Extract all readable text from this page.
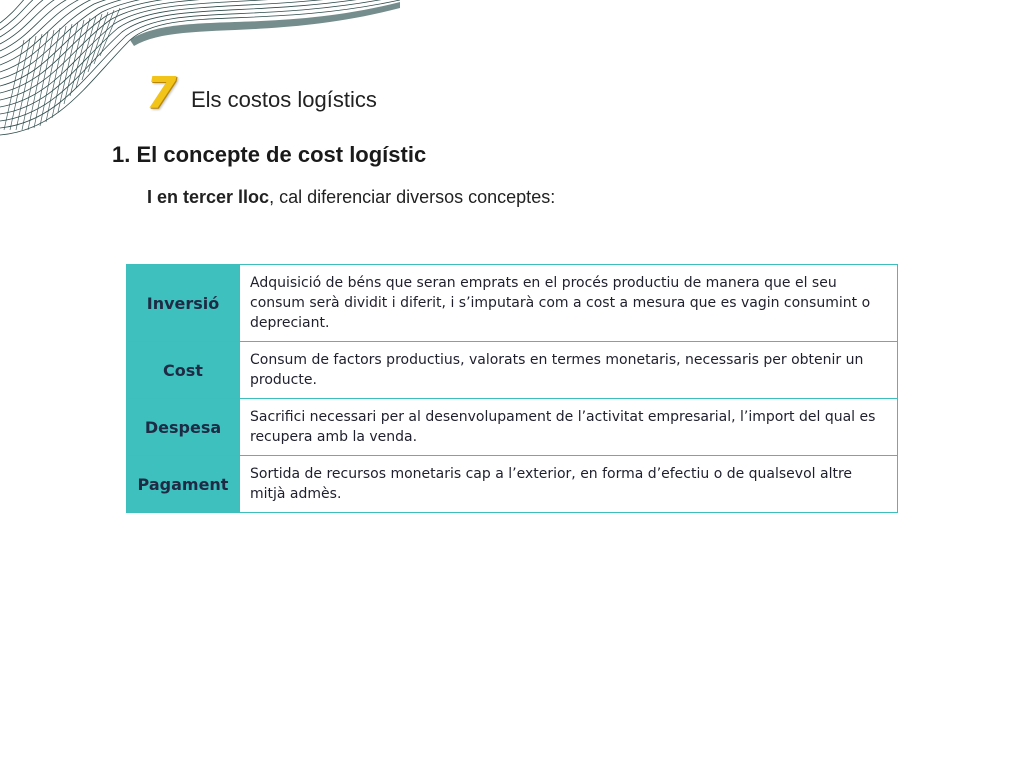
7 Els costos logístics
1. El concepte de cost logístic
I en tercer lloc, cal diferenciar diversos conceptes:
Inversió	Adquisició de béns que seran emprats en el procés productiu de manera que el seu consum serà dividit i diferit, i s’imputarà com a cost a mesura que es vagin consumint o depreciant.
Cost	Consum de factors productius, valorats en termes monetaris, necessaris per obtenir un producte.
Despesa	Sacrifici necessari per al desenvolupament de l’activitat empresarial, l’import del qual es recupera amb la venda.
Pagament	Sortida de recursos monetaris cap a l’exterior, en forma d’efectiu o de qualsevol altre mitjà admès.
